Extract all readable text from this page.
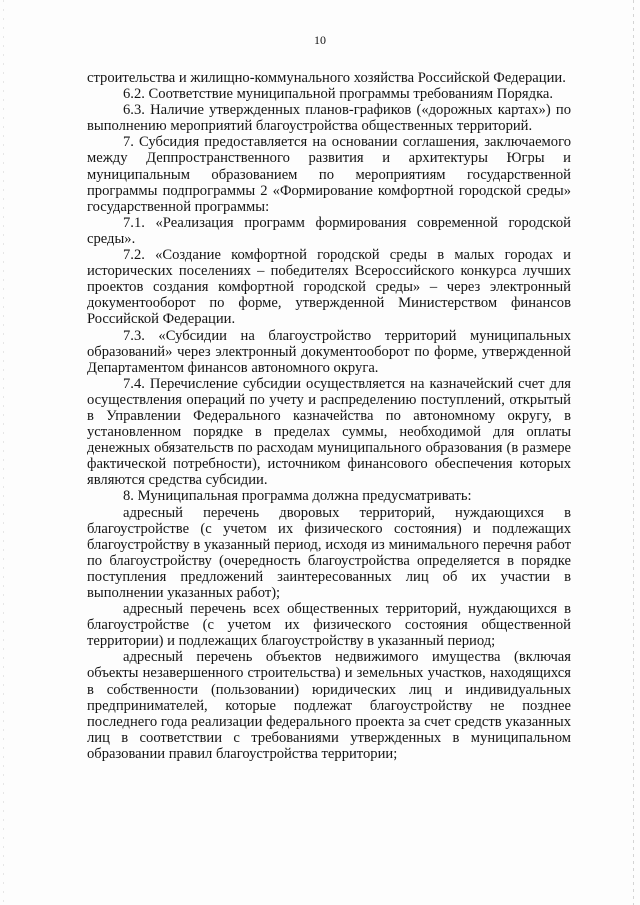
10

строительства и жилищно-коммунального хозяйства Российской Федерации.

6.2. Соответствие муниципальной программы требованиям Порядка.

6.3. Наличие утвержденных планов-графиков («дорожных картах») по выполнению мероприятий благоустройства общественных территорий.

7. Субсидия предоставляется на основании соглашения, заключаемого между Деппространственного развития и архитектуры Югры и муниципальным образованием по мероприятиям государственной программы подпрограммы 2 «Формирование комфортной городской среды» государственной программы:

7.1. «Реализация программ формирования современной городской среды».

7.2. «Создание комфортной городской среды в малых городах и исторических поселениях – победителях Всероссийского конкурса лучших проектов создания комфортной городской среды» – через электронный документооборот по форме, утвержденной Министерством финансов Российской Федерации.

7.3. «Субсидии на благоустройство территорий муниципальных образований» через электронный документооборот по форме, утвержденной Департаментом финансов автономного округа.

7.4. Перечисление субсидии осуществляется на казначейский счет для осуществления операций по учету и распределению поступлений, открытый в Управлении Федерального казначейства по автономному округу, в установленном порядке в пределах суммы, необходимой для оплаты денежных обязательств по расходам муниципального образования (в размере фактической потребности), источником финансового обеспечения которых являются средства субсидии.

8. Муниципальная программа должна предусматривать:

адресный перечень дворовых территорий, нуждающихся в благоустройстве (с учетом их физического состояния) и подлежащих благоустройству в указанный период, исходя из минимального перечня работ по благоустройству (очередность благоустройства определяется в порядке поступления предложений заинтересованных лиц об их участии в выполнении указанных работ);

адресный перечень всех общественных территорий, нуждающихся в благоустройстве (с учетом их физического состояния общественной территории) и подлежащих благоустройству в указанный период;

адресный перечень объектов недвижимого имущества (включая объекты незавершенного строительства) и земельных участков, находящихся в собственности (пользовании) юридических лиц и индивидуальных предпринимателей, которые подлежат благоустройству не позднее последнего года реализации федерального проекта за счет средств указанных лиц в соответствии с требованиями утвержденных в муниципальном образовании правил благоустройства территории;
